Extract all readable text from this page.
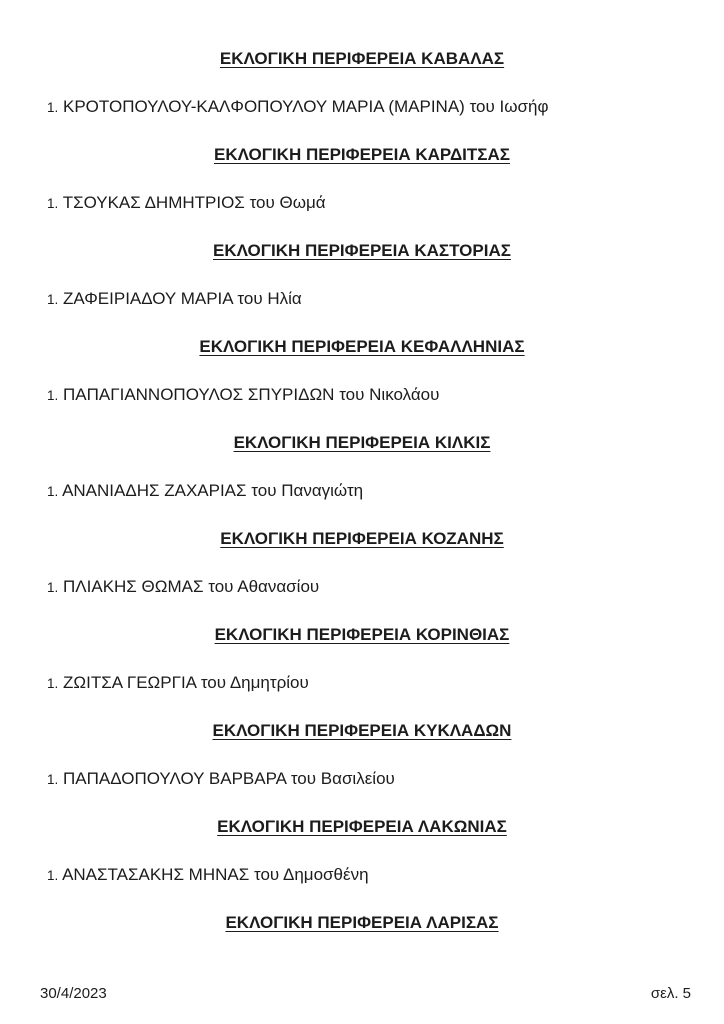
ΕΚΛΟΓΙΚΗ ΠΕΡΙΦΕΡΕΙΑ ΚΑΒΑΛΑΣ
1. ΚΡΟΤΟΠΟΥΛΟΥ-ΚΑΛΦΟΠΟΥΛΟΥ ΜΑΡΙΑ (ΜΑΡΙΝΑ) του Ιωσήφ
ΕΚΛΟΓΙΚΗ ΠΕΡΙΦΕΡΕΙΑ ΚΑΡΔΙΤΣΑΣ
1. ΤΣΟΥΚΑΣ ΔΗΜΗΤΡΙΟΣ του Θωμά
ΕΚΛΟΓΙΚΗ ΠΕΡΙΦΕΡΕΙΑ ΚΑΣΤΟΡΙΑΣ
1. ΖΑΦΕΙΡΙΑΔΟΥ ΜΑΡΙΑ του Ηλία
ΕΚΛΟΓΙΚΗ ΠΕΡΙΦΕΡΕΙΑ ΚΕΦΑΛΛΗΝΙΑΣ
1. ΠΑΠΑΓΙΑΝΝΟΠΟΥΛΟΣ ΣΠΥΡΙΔΩΝ του Νικολάου
ΕΚΛΟΓΙΚΗ ΠΕΡΙΦΕΡΕΙΑ ΚΙΛΚΙΣ
1. ΑΝΑΝΙΑΔΗΣ ΖΑΧΑΡΙΑΣ του Παναγιώτη
ΕΚΛΟΓΙΚΗ ΠΕΡΙΦΕΡΕΙΑ ΚΟΖΑΝΗΣ
1. ΠΛΙΑΚΗΣ ΘΩΜΑΣ του Αθανασίου
ΕΚΛΟΓΙΚΗ ΠΕΡΙΦΕΡΕΙΑ ΚΟΡΙΝΘΙΑΣ
1. ΖΩΙΤΣΑ ΓΕΩΡΓΙΑ του Δημητρίου
ΕΚΛΟΓΙΚΗ ΠΕΡΙΦΕΡΕΙΑ ΚΥΚΛΑΔΩΝ
1. ΠΑΠΑΔΟΠΟΥΛΟΥ ΒΑΡΒΑΡΑ του Βασιλείου
ΕΚΛΟΓΙΚΗ ΠΕΡΙΦΕΡΕΙΑ ΛΑΚΩΝΙΑΣ
1. ΑΝΑΣΤΑΣΑΚΗΣ ΜΗΝΑΣ του Δημοσθένη
ΕΚΛΟΓΙΚΗ ΠΕΡΙΦΕΡΕΙΑ ΛΑΡΙΣΑΣ
30/4/2023	σελ. 5
